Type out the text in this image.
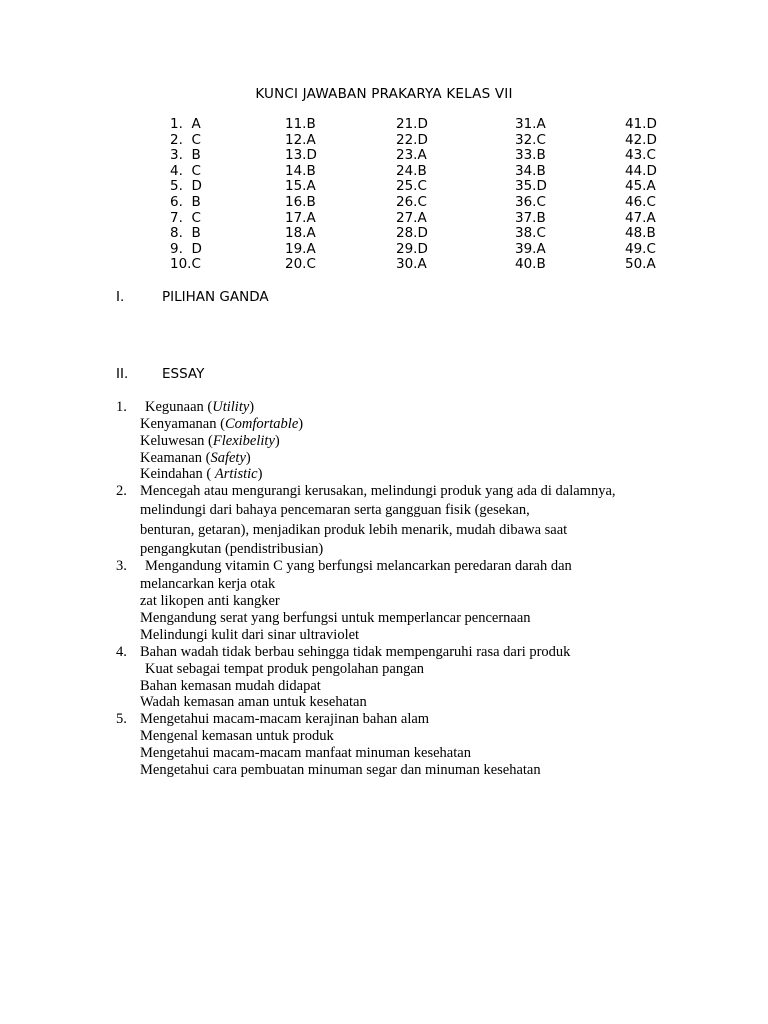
KUNCI JAWABAN PRAKARYA KELAS VII
1.  A
2.  C
3.  B
4.  C
5.  D
6.  B
7.  C
8.  B
9.  D
10.C
11.B
12.A
13.D
14.B
15.A
16.B
17.A
18.A
19.A
20.C
21.D
22.D
23.A
24.B
25.C
26.C
27.A
28.D
29.D
30.A
31.A
32.C
33.B
34.B
35.D
36.C
37.B
38.C
39.A
40.B
41.D
42.D
43.C
44.D
45.A
46.C
47.A
48.B
49.C
50.A
I.	PILIHAN GANDA
II. ESSAY
1. Kegunaan (Utility)
Kenyamanan (Comfortable)
Keluwesan (Flexibelity)
Keamanan (Safety)
Keindahan ( Artistic)
2. Mencegah atau mengurangi kerusakan, melindungi produk yang ada di dalamnya,
melindungi dari bahaya pencemaran serta gangguan fisik (gesekan,
benturan, getaran), menjadikan produk lebih menarik, mudah dibawa saat
pengangkutan (pendistribusian)
3. Mengandung vitamin C yang berfungsi melancarkan peredaran darah dan
melancarkan kerja otak
zat likopen anti kangker
Mengandung serat yang berfungsi untuk memperlancar pencernaan
Melindungi kulit dari sinar ultraviolet
4. Bahan wadah tidak berbau sehingga tidak mempengaruhi rasa dari produk
Kuat sebagai tempat produk pengolahan pangan
Bahan kemasan mudah didapat
Wadah kemasan aman untuk kesehatan
5. Mengetahui macam-macam kerajinan bahan alam
Mengenal kemasan untuk produk
Mengetahui macam-macam manfaat minuman kesehatan
Mengetahui cara pembuatan minuman segar dan minuman kesehatan
